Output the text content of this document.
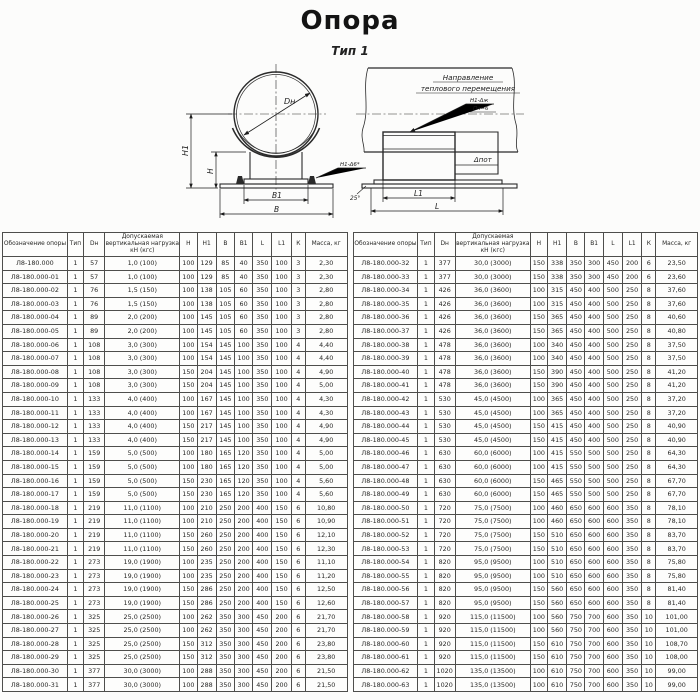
Опора
Тип 1
Dн
Н1
Н
В1
В
Н1-Δ6*
Направление
теплового перемещения
Н1-Δж
Пч=6
Δпот
L1
L
25°
Обозначение опоры	Тип	Dн	Допускаемая вертикальная нагрузка кН (кгс)	Н	Н1	В	В1	L	L1	К	Масса, кг
Л8-180.000	1	57	1,0 (100)	100	129	85	40	350	100	3	2,30
Л8-180.000-01	1	57	1,0 (100)	100	129	85	40	350	100	3	2,30
Л8-180.000-02	1	76	1,5 (150)	100	138	105	60	350	100	3	2,80
Л8-180.000-03	1	76	1,5 (150)	100	138	105	60	350	100	3	2,80
Л8-180.000-04	1	89	2,0 (200)	100	145	105	60	350	100	3	2,80
Л8-180.000-05	1	89	2,0 (200)	100	145	105	60	350	100	3	2,80
Л8-180.000-06	1	108	3,0 (300)	100	154	145	100	350	100	4	4,40
Л8-180.000-07	1	108	3,0 (300)	100	154	145	100	350	100	4	4,40
Л8-180.000-08	1	108	3,0 (300)	150	204	145	100	350	100	4	4,90
Л8-180.000-09	1	108	3,0 (300)	150	204	145	100	350	100	4	5,00
Л8-180.000-10	1	133	4,0 (400)	100	167	145	100	350	100	4	4,30
Л8-180.000-11	1	133	4,0 (400)	100	167	145	100	350	100	4	4,30
Л8-180.000-12	1	133	4,0 (400)	150	217	145	100	350	100	4	4,90
Л8-180.000-13	1	133	4,0 (400)	150	217	145	100	350	100	4	4,90
Л8-180.000-14	1	159	5,0 (500)	100	180	165	120	350	100	4	5,00
Л8-180.000-15	1	159	5,0 (500)	100	180	165	120	350	100	4	5,00
Л8-180.000-16	1	159	5,0 (500)	150	230	165	120	350	100	4	5,60
Л8-180.000-17	1	159	5,0 (500)	150	230	165	120	350	100	4	5,60
Л8-180.000-18	1	219	11,0 (1100)	100	210	250	200	400	150	6	10,80
Л8-180.000-19	1	219	11,0 (1100)	100	210	250	200	400	150	6	10,90
Л8-180.000-20	1	219	11,0 (1100)	150	260	250	200	400	150	6	12,10
Л8-180.000-21	1	219	11,0 (1100)	150	260	250	200	400	150	6	12,30
Л8-180.000-22	1	273	19,0 (1900)	100	235	250	200	400	150	6	11,10
Л8-180.000-23	1	273	19,0 (1900)	100	235	250	200	400	150	6	11,20
Л8-180.000-24	1	273	19,0 (1900)	150	286	250	200	400	150	6	12,50
Л8-180.000-25	1	273	19,0 (1900)	150	286	250	200	400	150	6	12,60
Л8-180.000-26	1	325	25,0 (2500)	100	262	350	300	450	200	6	21,70
Л8-180.000-27	1	325	25,0 (2500)	100	262	350	300	450	200	6	21,70
Л8-180.000-28	1	325	25,0 (2500)	150	312	350	300	450	200	6	23,80
Л8-180.000-29	1	325	25,0 (2500)	150	312	350	300	450	200	6	23,80
Л8-180.000-30	1	377	30,0 (3000)	100	288	350	300	450	200	6	21,50
Л8-180.000-31	1	377	30,0 (3000)	100	288	350	300	450	200	6	21,50
Обозначение опоры	Тип	Dн	Допускаемая вертикальная нагрузка кН (кгс)	Н	Н1	В	В1	L	L1	К	Масса, кг
Л8-180.000-32	1	377	30,0 (3000)	150	338	350	300	450	200	6	23,50
Л8-180.000-33	1	377	30,0 (3000)	150	338	350	300	450	200	6	23,60
Л8-180.000-34	1	426	36,0 (3600)	100	315	450	400	500	250	8	37,60
Л8-180.000-35	1	426	36,0 (3600)	100	315	450	400	500	250	8	37,60
Л8-180.000-36	1	426	36,0 (3600)	150	365	450	400	500	250	8	40,60
Л8-180.000-37	1	426	36,0 (3600)	150	365	450	400	500	250	8	40,80
Л8-180.000-38	1	478	36,0 (3600)	100	340	450	400	500	250	8	37,50
Л8-180.000-39	1	478	36,0 (3600)	100	340	450	400	500	250	8	37,50
Л8-180.000-40	1	478	36,0 (3600)	150	390	450	400	500	250	8	41,20
Л8-180.000-41	1	478	36,0 (3600)	150	390	450	400	500	250	8	41,20
Л8-180.000-42	1	530	45,0 (4500)	100	365	450	400	500	250	8	37,20
Л8-180.000-43	1	530	45,0 (4500)	100	365	450	400	500	250	8	37,20
Л8-180.000-44	1	530	45,0 (4500)	150	415	450	400	500	250	8	40,90
Л8-180.000-45	1	530	45,0 (4500)	150	415	450	400	500	250	8	40,90
Л8-180.000-46	1	630	60,0 (6000)	100	415	550	500	500	250	8	64,30
Л8-180.000-47	1	630	60,0 (6000)	100	415	550	500	500	250	8	64,30
Л8-180.000-48	1	630	60,0 (6000)	150	465	550	500	500	250	8	67,70
Л8-180.000-49	1	630	60,0 (6000)	150	465	550	500	500	250	8	67,70
Л8-180.000-50	1	720	75,0 (7500)	100	460	650	600	600	350	8	78,10
Л8-180.000-51	1	720	75,0 (7500)	100	460	650	600	600	350	8	78,10
Л8-180.000-52	1	720	75,0 (7500)	150	510	650	600	600	350	8	83,70
Л8-180.000-53	1	720	75,0 (7500)	150	510	650	600	600	350	8	83,70
Л8-180.000-54	1	820	95,0 (9500)	100	510	650	600	600	350	8	75,80
Л8-180.000-55	1	820	95,0 (9500)	100	510	650	600	600	350	8	75,80
Л8-180.000-56	1	820	95,0 (9500)	150	560	650	600	600	350	8	81,40
Л8-180.000-57	1	820	95,0 (9500)	150	560	650	600	600	350	8	81,40
Л8-180.000-58	1	920	115,0 (11500)	100	560	750	700	600	350	10	101,00
Л8-180.000-59	1	920	115,0 (11500)	100	560	750	700	600	350	10	101,00
Л8-180.000-60	1	920	115,0 (11500)	150	610	750	700	600	350	10	108,70
Л8-180.000-61	1	920	115,0 (11500)	150	610	750	700	600	350	10	108,00
Л8-180.000-62	1	1020	135,0 (13500)	100	610	750	700	600	350	10	99,00
Л8-180.000-63	1	1020	135,0 (13500)	100	610	750	700	600	350	10	99,00
